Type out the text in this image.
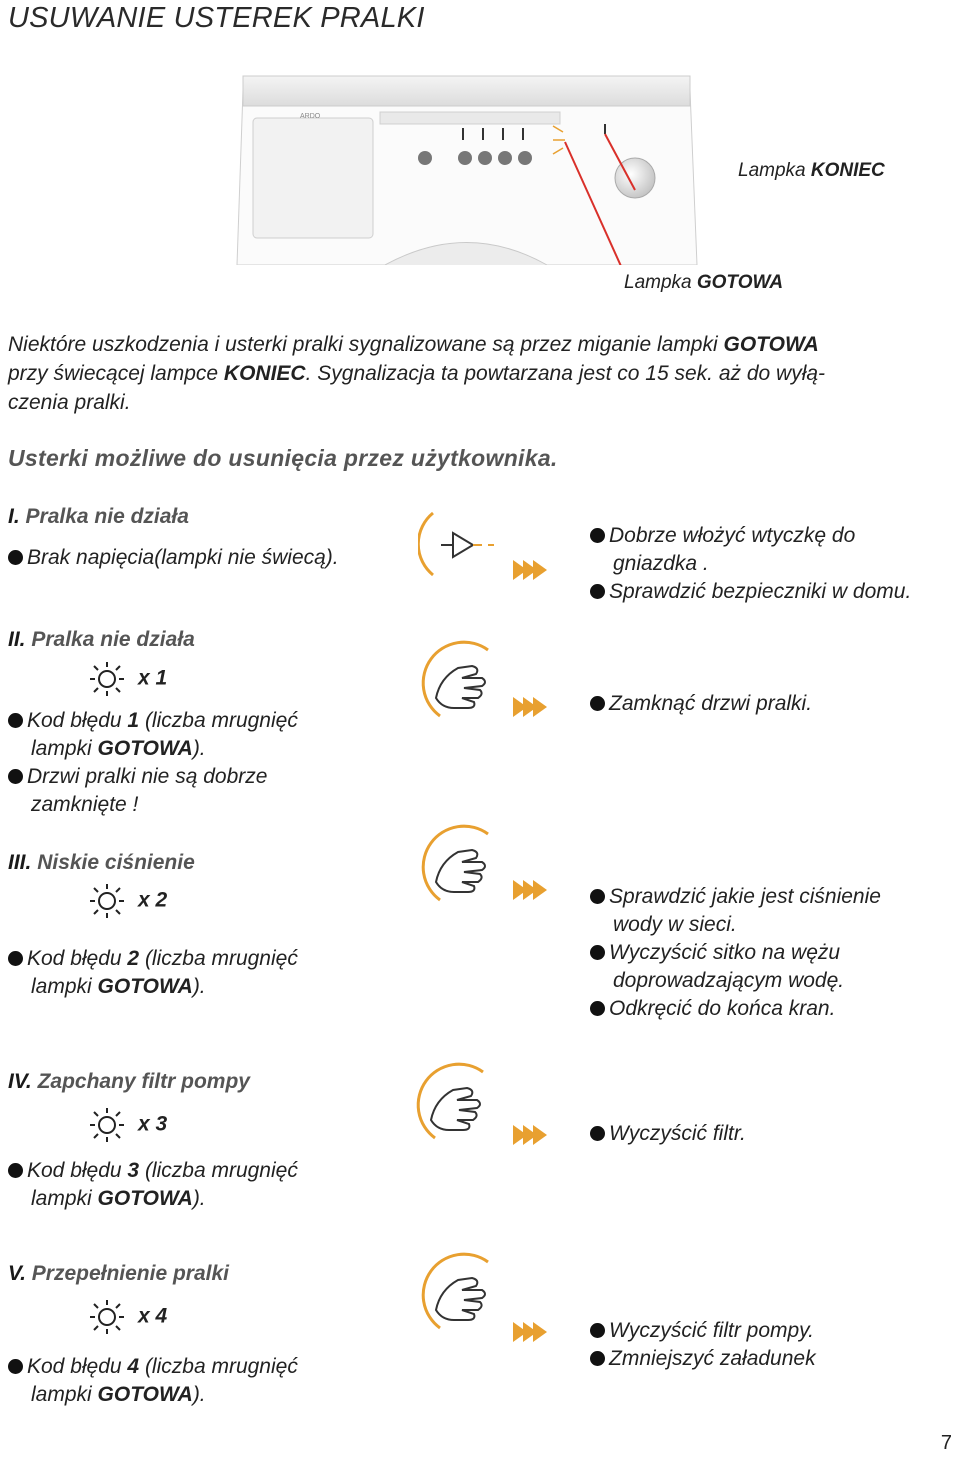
USUWANIE USTEREK PRALKI
ARDO
Lampka KONIEC
Lampka GOTOWA
Niektóre uszkodzenia i usterki pralki sygnalizowane są przez miganie lampki GOTOWA
przy świecącej lampce KONIEC. Sygnalizacja ta powtarzana jest co 15 sek. aż do wyłą-
czenia pralki.
Usterki możliwe do usunięcia przez użytkownika.
I. Pralka nie działa
Brak napięcia(lampki nie świecą).
Dobrze włożyć wtyczkę do
gniazdka .
Sprawdzić bezpieczniki w domu.
II. Pralka nie działa
x 1
Kod błędu 1 (liczba mrugnięć
lampki GOTOWA).
Drzwi pralki nie są dobrze
zamknięte !
Zamknąć drzwi pralki.
III. Niskie ciśnienie
x 2
Kod błędu 2 (liczba mrugnięć
lampki GOTOWA).
Sprawdzić jakie jest ciśnienie
wody w sieci.
Wyczyścić sitko na wężu
doprowadzającym wodę.
Odkręcić do końca kran.
IV. Zapchany filtr pompy
x 3
Kod błędu 3 (liczba mrugnięć
lampki GOTOWA).
Wyczyścić filtr.
V. Przepełnienie pralki
x 4
Kod błędu 4 (liczba mrugnięć
lampki GOTOWA).
Wyczyścić filtr pompy.
Zmniejszyć załadunek
7
